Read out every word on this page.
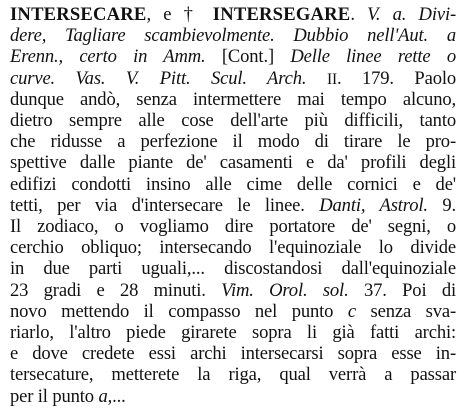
INTERSECARE, e † INTERSEGARE. V. a. Divi-
dere, Tagliare scambievolmente. Dubbio nell'Aut. a
Erenn., certo in Amm. [Cont.] Delle linee rette o
curve. Vas. V. Pitt. Scul. Arch. II. 179. Paolo
dunque andò, senza intermettere mai tempo alcuno,
dietro sempre alle cose dell'arte più difficili, tanto
che ridusse a perfezione il modo di tirare le pro-
spettive dalle piante de' casamenti e da' profili degli
edifizi condotti insino alle cime delle cornici e de'
tetti, per via d'intersecare le linee. Danti, Astrol. 9.
Il zodiaco, o vogliamo dire portatore de' segni, o
cerchio obliquo; intersecando l'equinoziale lo divide
in due parti uguali,... discostandosi dall'equinoziale
23 gradi e 28 minuti. Vim. Orol. sol. 37. Poi di
novo mettendo il compasso nel punto c senza sva-
riarlo, l'altro piede girarete sopra li già fatti archi:
e dove credete essi archi intersecarsi sopra esse in-
tersecature, metterete la riga, qual verrà a passar
per il punto a,...
